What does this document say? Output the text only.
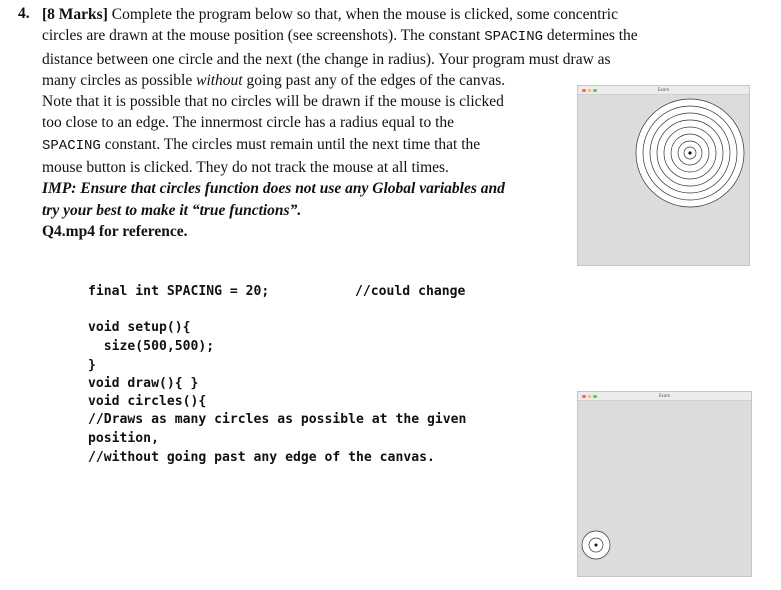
4. [8 Marks] Complete the program below so that, when the mouse is clicked, some concentric
circles are drawn at the mouse position (see screenshots). The constant SPACING determines the
distance between one circle and the next (the change in radius). Your program must draw as
many circles as possible without going past any of the edges of the canvas.
Note that it is possible that no circles will be drawn if the mouse is clicked
too close to an edge. The innermost circle has a radius equal to the
SPACING constant. The circles must remain until the next time that the
mouse button is clicked. They do not track the mouse at all times.
IMP: Ensure that circles function does not use any Global variables and
try your best to make it “true functions”.
Q4.mp4 for reference.
final int SPACING = 20;	//could change
void setup(){
size(500,500);
}
void draw(){ }
void circles(){
//Draws as many circles as possible at the given
position,
//without going past any edge of the canvas.
Exam
Exam
